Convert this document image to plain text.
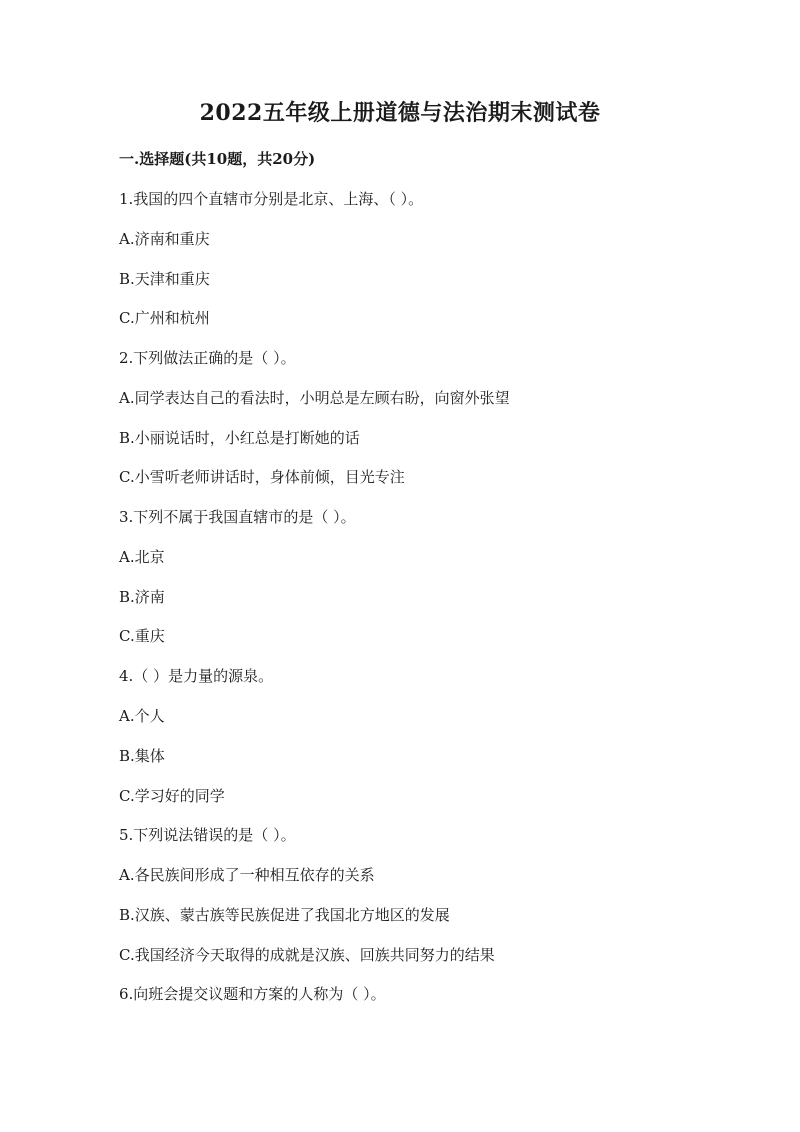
2022五年级上册道德与法治期末测试卷

一.选择题(共10题，共20分)

1.我国的四个直辖市分别是北京、上海、（ ）。

A.济南和重庆

B.天津和重庆

C.广州和杭州

2.下列做法正确的是（ ）。

A.同学表达自己的看法时，小明总是左顾右盼，向窗外张望

B.小丽说话时，小红总是打断她的话

C.小雪听老师讲话时，身体前倾，目光专注

3.下列不属于我国直辖市的是（ ）。

A.北京

B.济南

C.重庆

4.（ ）是力量的源泉。

A.个人

B.集体

C.学习好的同学

5.下列说法错误的是（ ）。

A.各民族间形成了一种相互依存的关系

B.汉族、蒙古族等民族促进了我国北方地区的发展

C.我国经济今天取得的成就是汉族、回族共同努力的结果

6.向班会提交议题和方案的人称为（ ）。
